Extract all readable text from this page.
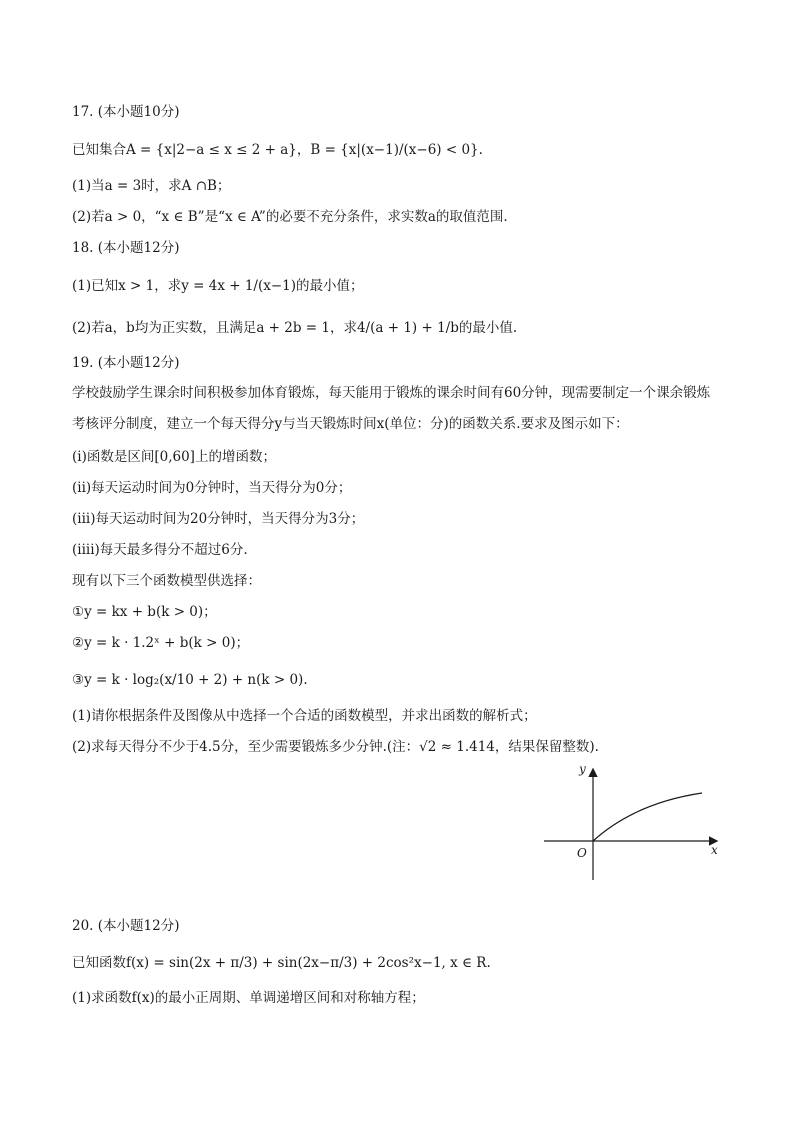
17. (本小题10分)
已知集合A = {x|2−a ≤ x ≤ 2 + a}，B = {x|(x−1)/(x−6) < 0}.
(1)当a = 3时，求A ∩B；
(2)若a > 0，“x ∈ B”是“x ∈ A”的必要不充分条件，求实数a的取值范围.
18. (本小题12分)
(1)已知x > 1，求y = 4x + 1/(x−1)的最小值；
(2)若a，b均为正实数，且满足a + 2b = 1，求4/(a + 1) + 1/b的最小值.
19. (本小题12分)
学校鼓励学生课余时间积极参加体育锻炼，每天能用于锻炼的课余时间有60分钟，现需要制定一个课余锻炼考核评分制度，建立一个每天得分y与当天锻炼时间x(单位：分)的函数关系.要求及图示如下：
(i)函数是区间[0,60]上的增函数；
(ii)每天运动时间为0分钟时，当天得分为0分；
(iii)每天运动时间为20分钟时，当天得分为3分；
(iiii)每天最多得分不超过6分.
现有以下三个函数模型供选择：
①y = kx + b(k > 0)；
②y = k · 1.2ˣ + b(k > 0)；
③y = k · log₂(x/10 + 2) + n(k > 0).
(1)请你根据条件及图像从中选择一个合适的函数模型，并求出函数的解析式；
(2)求每天得分不少于4.5分，至少需要锻炼多少分钟.(注：√2 ≈ 1.414，结果保留整数).
y
x
O
20. (本小题12分)
已知函数f(x) = sin(2x + π/3) + sin(2x−π/3) + 2cos²x−1, x ∈ R.
(1)求函数f(x)的最小正周期、单调递增区间和对称轴方程；
